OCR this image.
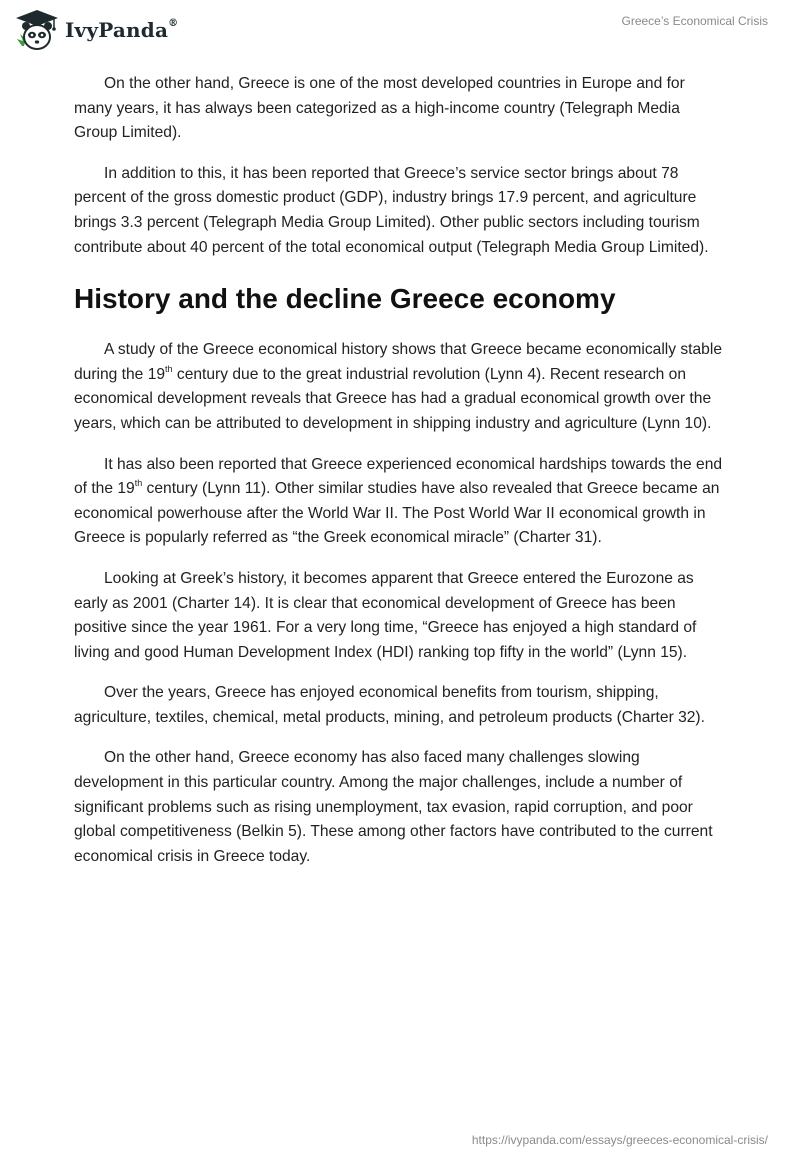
IvyPanda®	Greece’s Economical Crisis

On the other hand, Greece is one of the most developed countries in Europe and for many years, it has always been categorized as a high-income country (Telegraph Media Group Limited).

In addition to this, it has been reported that Greece’s service sector brings about 78 percent of the gross domestic product (GDP), industry brings 17.9 percent, and agriculture brings 3.3 percent (Telegraph Media Group Limited). Other public sectors including tourism contribute about 40 percent of the total economical output (Telegraph Media Group Limited).

History and the decline Greece economy

A study of the Greece economical history shows that Greece became economically stable during the 19th century due to the great industrial revolution (Lynn 4). Recent research on economical development reveals that Greece has had a gradual economical growth over the years, which can be attributed to development in shipping industry and agriculture (Lynn 10).

It has also been reported that Greece experienced economical hardships towards the end of the 19th century (Lynn 11). Other similar studies have also revealed that Greece became an economical powerhouse after the World War II. The Post World War II economical growth in Greece is popularly referred as “the Greek economical miracle” (Charter 31).

Looking at Greek’s history, it becomes apparent that Greece entered the Eurozone as early as 2001 (Charter 14). It is clear that economical development of Greece has been positive since the year 1961. For a very long time, “Greece has enjoyed a high standard of living and good Human Development Index (HDI) ranking top fifty in the world” (Lynn 15).

Over the years, Greece has enjoyed economical benefits from tourism, shipping, agriculture, textiles, chemical, metal products, mining, and petroleum products (Charter 32).

On the other hand, Greece economy has also faced many challenges slowing development in this particular country. Among the major challenges, include a number of significant problems such as rising unemployment, tax evasion, rapid corruption, and poor global competitiveness (Belkin 5). These among other factors have contributed to the current economical crisis in Greece today.

https://ivypanda.com/essays/greeces-economical-crisis/
